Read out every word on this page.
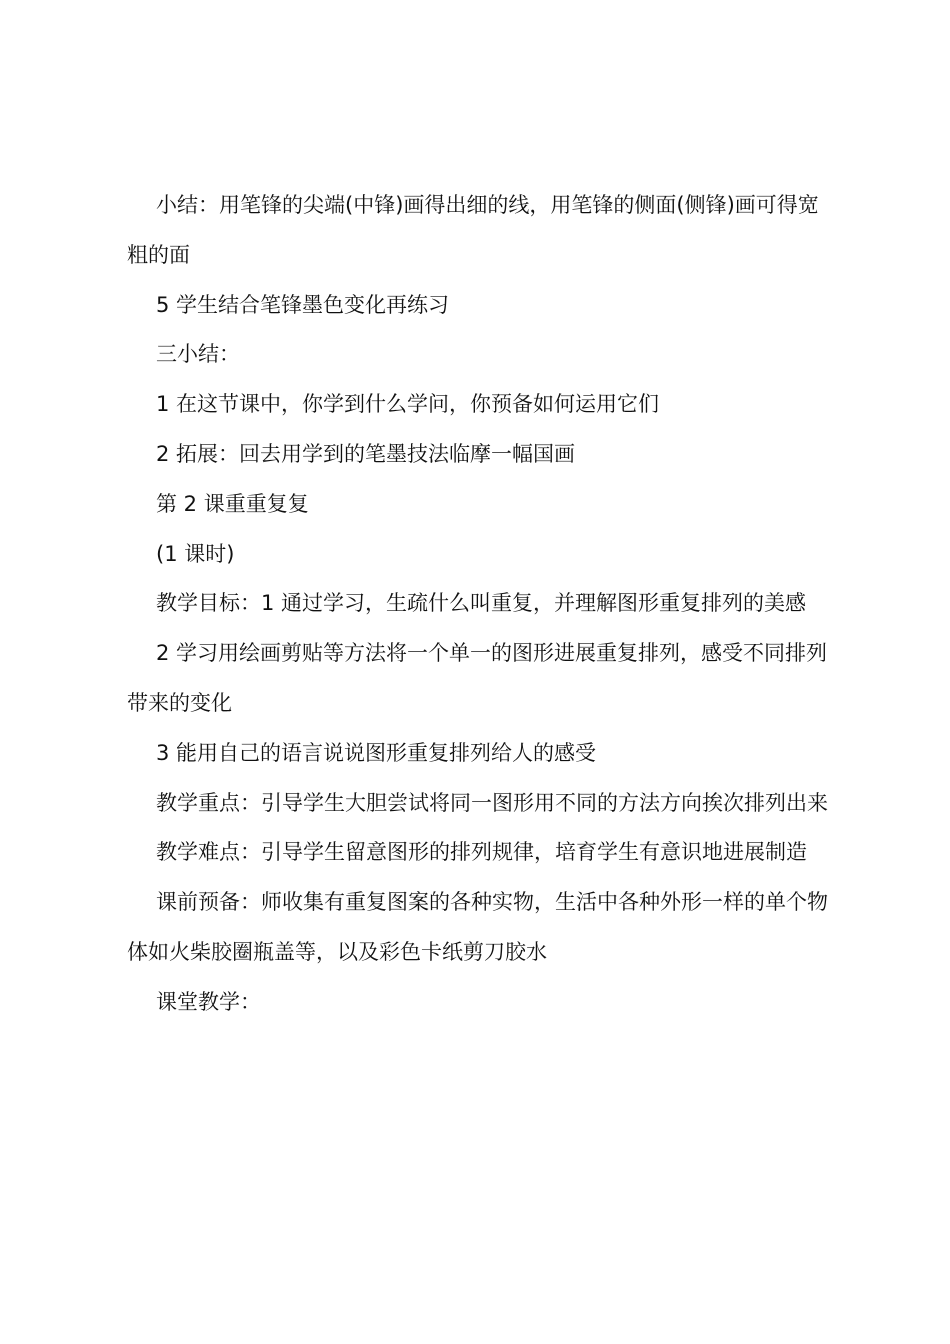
小结：用笔锋的尖端(中锋)画得出细的线，用笔锋的侧面(侧锋)画可得宽粗的面

5 学生结合笔锋墨色变化再练习

三小结：

1 在这节课中，你学到什么学问，你预备如何运用它们

2 拓展：回去用学到的笔墨技法临摩一幅国画

第 2 课重重复复

(1 课时)

教学目标：1 通过学习，生疏什么叫重复，并理解图形重复排列的美感

2 学习用绘画剪贴等方法将一个单一的图形进展重复排列，感受不同排列带来的变化

3 能用自己的语言说说图形重复排列给人的感受

教学重点：引导学生大胆尝试将同一图形用不同的方法方向挨次排列出来

教学难点：引导学生留意图形的排列规律，培育学生有意识地进展制造

课前预备：师收集有重复图案的各种实物，生活中各种外形一样的单个物体如火柴胶圈瓶盖等，以及彩色卡纸剪刀胶水

课堂教学：
